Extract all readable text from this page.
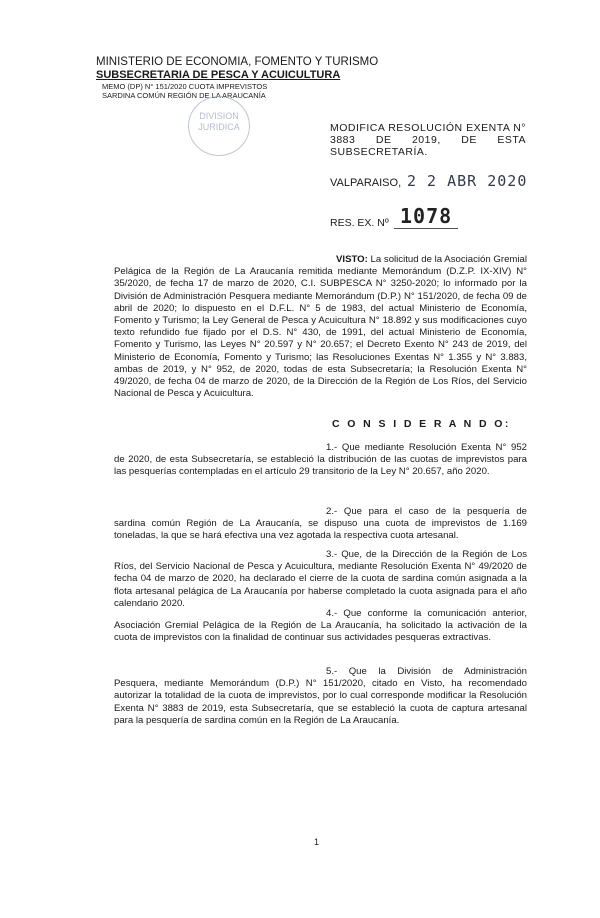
MINISTERIO DE ECONOMIA, FOMENTO Y TURISMO
SUBSECRETARIA DE PESCA Y ACUICULTURA
MEMO (DP) N° 151/2020 CUOTA IMPREVISTOS
SARDINA COMÚN REGIÓN DE LA ARAUCANÍA
DIVISION
JURIDICA	MODIFICA RESOLUCIÓN EXENTA N° 3883 DE 2019, DE ESTA SUBSECRETARÍA.
VALPARAISO, 2 2 ABR 2020
RES. EX. Nº 1078

VISTO: La solicitud de la Asociación Gremial Pelágica de la Región de La Araucanía remitida mediante Memorándum (D.Z.P. IX-XIV) N° 35/2020, de fecha 17 de marzo de 2020, C.I. SUBPESCA N° 3250-2020; lo informado por la División de Administración Pesquera mediante Memorándum (D.P.) N° 151/2020, de fecha 09 de abril de 2020; lo dispuesto en el D.F.L. N° 5 de 1983, del actual Ministerio de Economía, Fomento y Turismo; la Ley General de Pesca y Acuicultura N° 18.892 y sus modificaciones cuyo texto refundido fue fijado por el D.S. N° 430, de 1991, del actual Ministerio de Economía, Fomento y Turismo, las Leyes N° 20.597 y N° 20.657; el Decreto Exento N° 243 de 2019, del Ministerio de Economía, Fomento y Turismo; las Resoluciones Exentas N° 1.355 y N° 3.883, ambas de 2019, y N° 952, de 2020, todas de esta Subsecretaría; la Resolución Exenta N° 49/2020, de fecha 04 de marzo de 2020, de la Dirección de la Región de Los Ríos, del Servicio Nacional de Pesca y Acuicultura.

C O N S I D E R A N D O:

1.- Que mediante Resolución Exenta N° 952 de 2020, de esta Subsecretaría, se estableció la distribución de las cuotas de imprevistos para las pesquerías contempladas en el artículo 29 transitorio de la Ley N° 20.657, año 2020.

2.- Que para el caso de la pesquería de sardina común Región de La Araucanía, se dispuso una cuota de imprevistos de 1.169 toneladas, la que se hará efectiva una vez agotada la respectiva cuota artesanal.

3.- Que, de la Dirección de la Región de Los Ríos, del Servicio Nacional de Pesca y Acuicultura, mediante Resolución Exenta N° 49/2020 de fecha 04 de marzo de 2020, ha declarado el cierre de la cuota de sardina común asignada a la flota artesanal pelágica de La Araucanía por haberse completado la cuota asignada para el año calendario 2020.

4.- Que conforme la comunicación anterior, Asociación Gremial Pelágica de la Región de La Araucanía, ha solicitado la activación de la cuota de imprevistos con la finalidad de continuar sus actividades pesqueras extractivas.

5.- Que la División de Administración Pesquera, mediante Memorándum (D.P.) N° 151/2020, citado en Visto, ha recomendado autorizar la totalidad de la cuota de imprevistos, por lo cual corresponde modificar la Resolución Exenta N° 3883 de 2019, esta Subsecretaría, que se estableció la cuota de captura artesanal para la pesquería de sardina común en la Región de La Araucanía.

1
